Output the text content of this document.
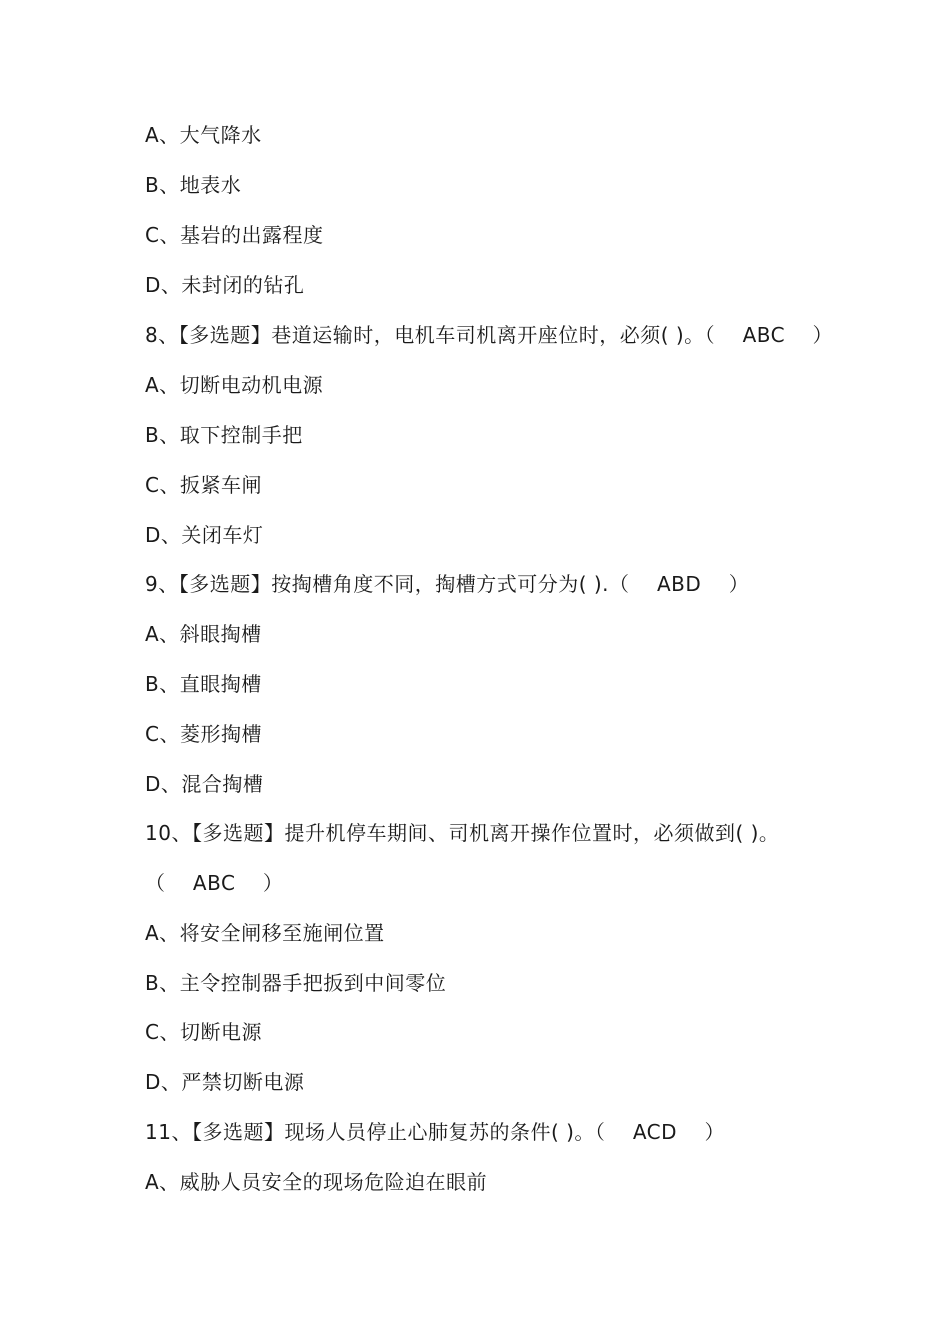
A、大气降水
B、地表水
C、基岩的出露程度
D、未封闭的钻孔
8、【多选题】巷道运输时，电机车司机离开座位时，必须( )。（    ABC    ）
A、切断电动机电源
B、取下控制手把
C、扳紧车闸
D、关闭车灯
9、【多选题】按掏槽角度不同，掏槽方式可分为( ).（    ABD    ）
A、斜眼掏槽
B、直眼掏槽
C、菱形掏槽
D、混合掏槽
10、【多选题】提升机停车期间、司机离开操作位置时，必须做到( )。
（    ABC    ）
A、将安全闸移至施闸位置
B、主令控制器手把扳到中间零位
C、切断电源
D、严禁切断电源
11、【多选题】现场人员停止心肺复苏的条件( )。（    ACD    ）
A、威胁人员安全的现场危险迫在眼前
